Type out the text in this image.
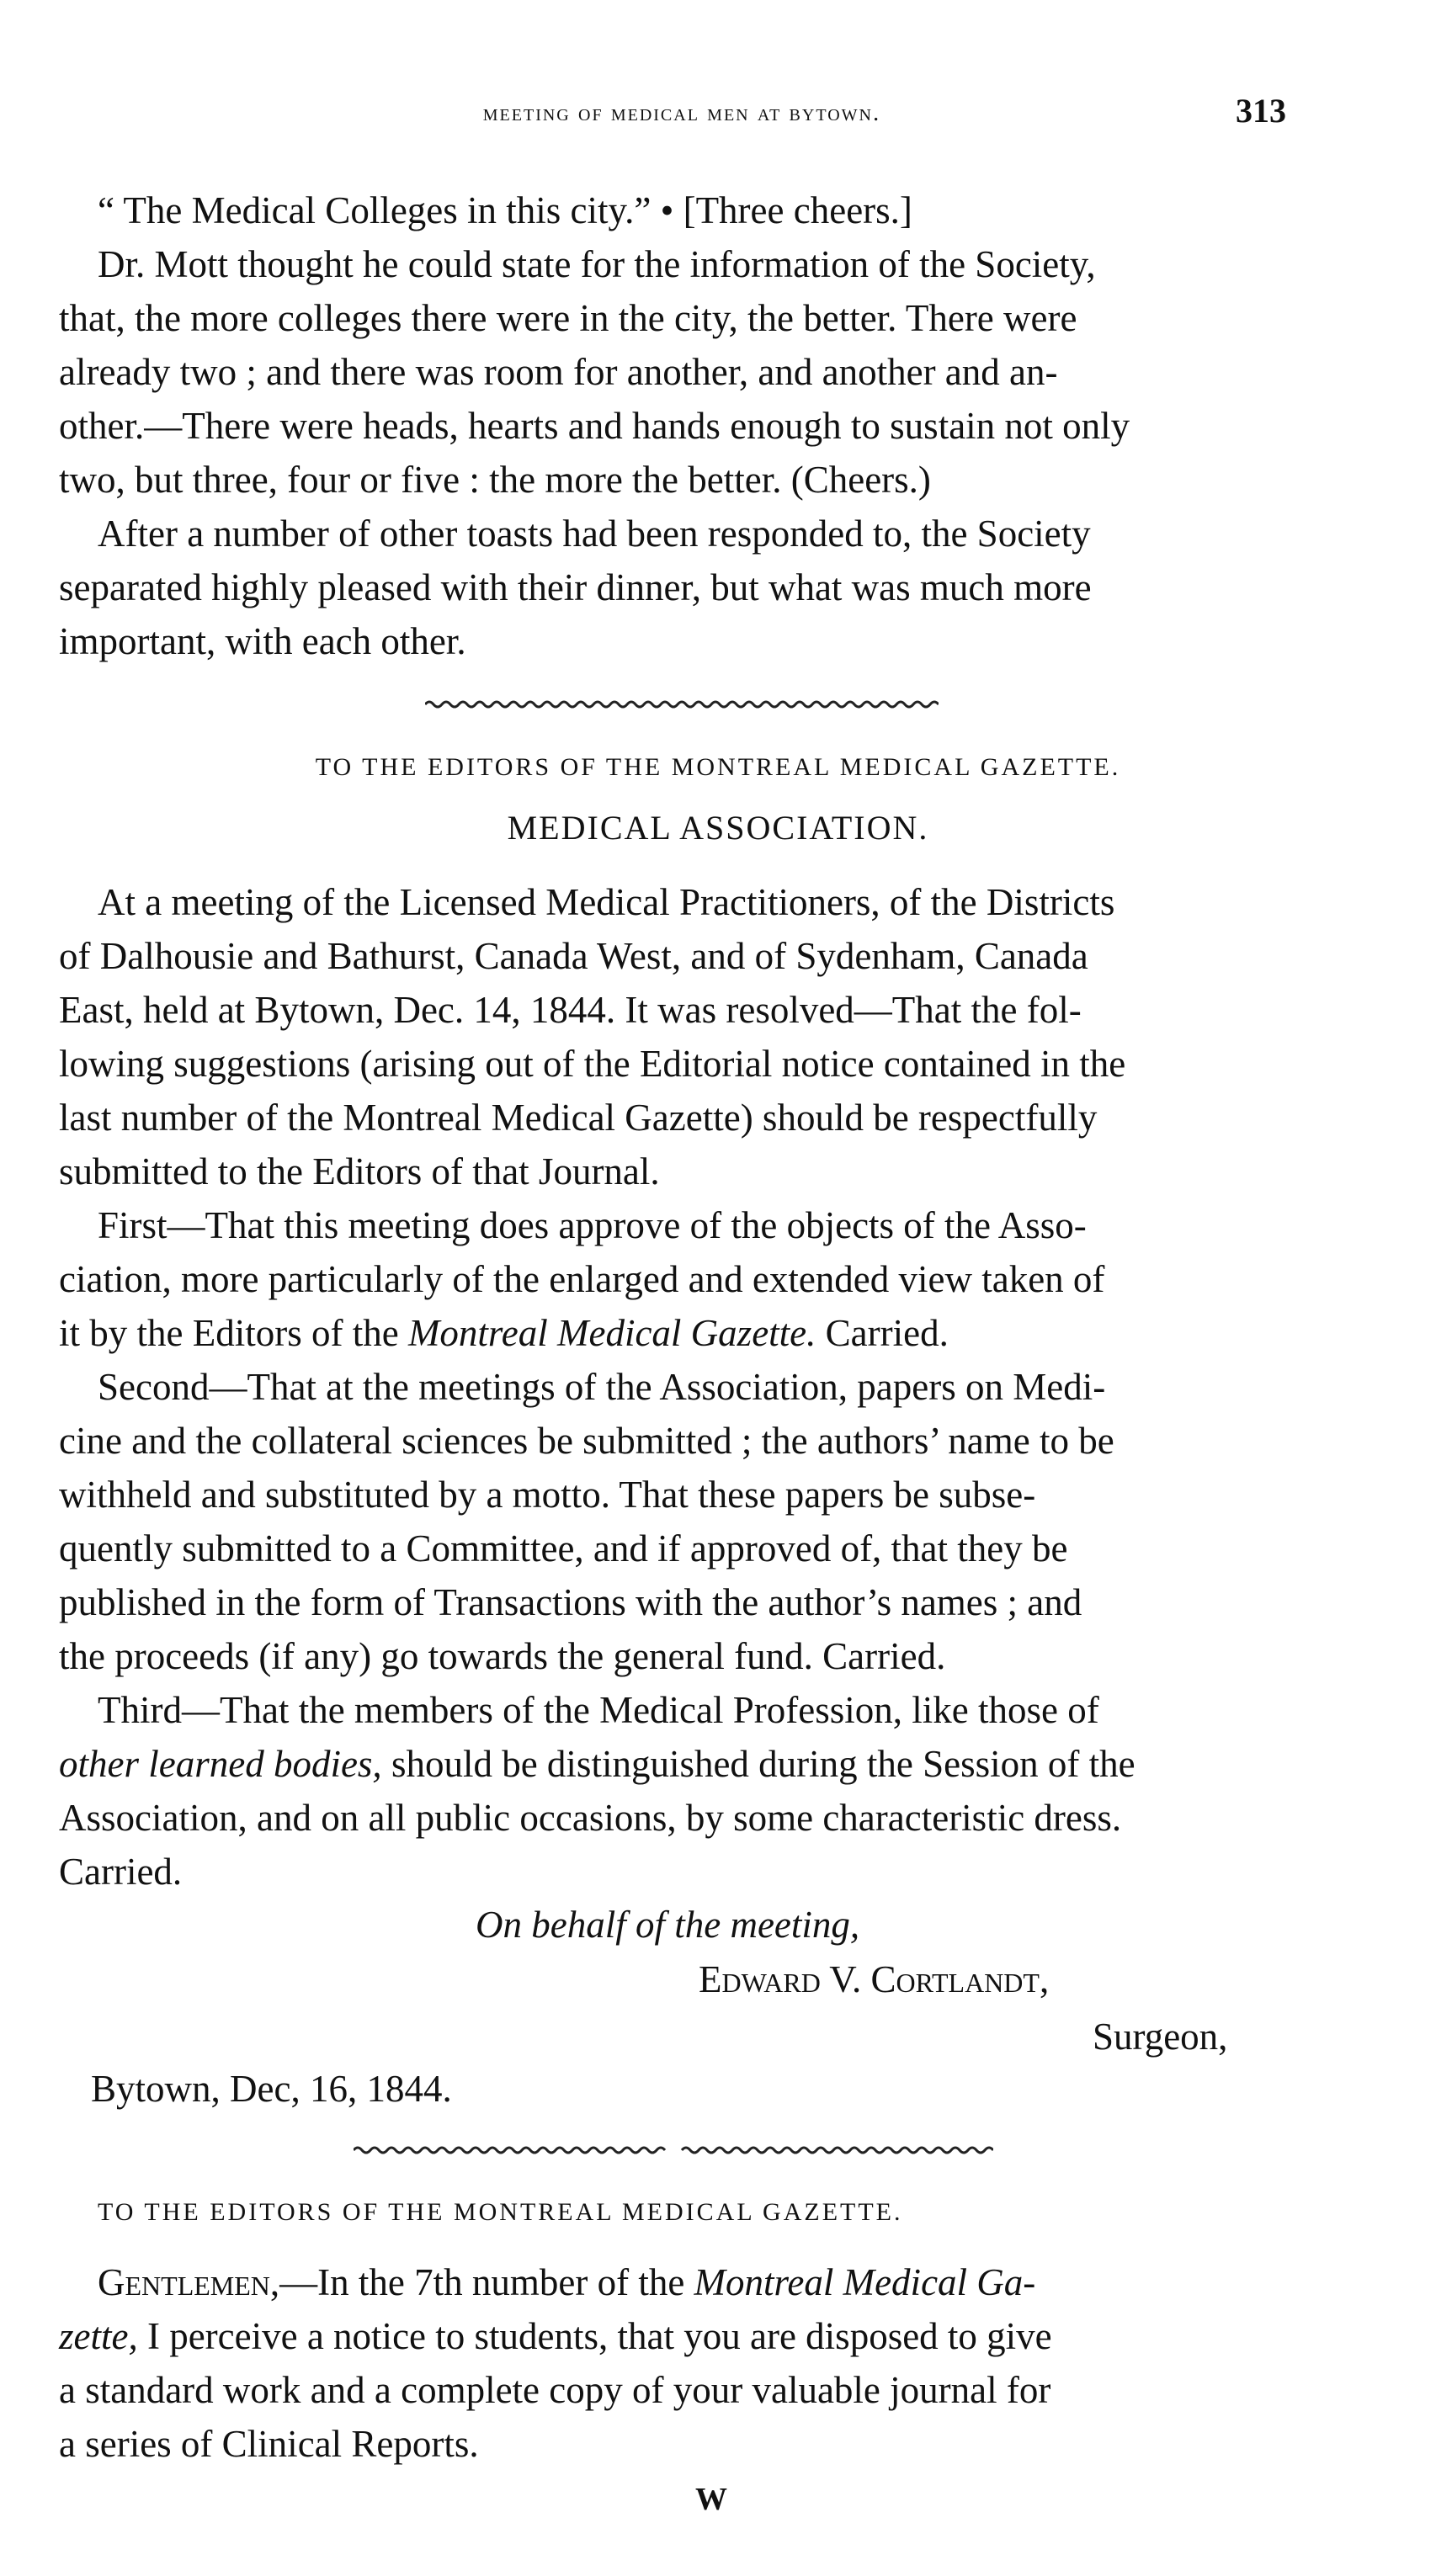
meeting of medical men at bytown.	313
“ The Medical Colleges in this city.” • [Three cheers.]
Dr. Mott thought he could state for the information of the Society,
that, the more colleges there were in the city, the better. There were
already two ; and there was room for another, and another and an-
other.—There were heads, hearts and hands enough to sustain not only
two, but three, four or five : the more the better. (Cheers.)
After a number of other toasts had been responded to, the Society
separated highly pleased with their dinner, but what was much more
important, with each other.
TO THE EDITORS OF THE MONTREAL MEDICAL GAZETTE.
MEDICAL ASSOCIATION.
At a meeting of the Licensed Medical Practitioners, of the Districts
of Dalhousie and Bathurst, Canada West, and of Sydenham, Canada
East, held at Bytown, Dec. 14, 1844. It was resolved—That the fol-
lowing suggestions (arising out of the Editorial notice contained in the
last number of the Montreal Medical Gazette) should be respectfully
submitted to the Editors of that Journal.
First—That this meeting does approve of the objects of the Asso-
ciation, more particularly of the enlarged and extended view taken of
it by the Editors of the Montreal Medical Gazette. Carried.
Second—That at the meetings of the Association, papers on Medi-
cine and the collateral sciences be submitted ; the authors’ name to be
withheld and substituted by a motto. That these papers be subse-
quently submitted to a Committee, and if approved of, that they be
published in the form of Transactions with the author’s names ; and
the proceeds (if any) go towards the general fund. Carried.
Third—That the members of the Medical Profession, like those of
other learned bodies, should be distinguished during the Session of the
Association, and on all public occasions, by some characteristic dress.
Carried.
On behalf of the meeting,
Edward V. Cortlandt,
Surgeon,
Bytown, Dec, 16, 1844.
TO THE EDITORS OF THE MONTREAL MEDICAL GAZETTE.
Gentlemen,—In the 7th number of the Montreal Medical Ga-
zette, I perceive a notice to students, that you are disposed to give
a standard work and a complete copy of your valuable journal for
a series of Clinical Reports.
W
